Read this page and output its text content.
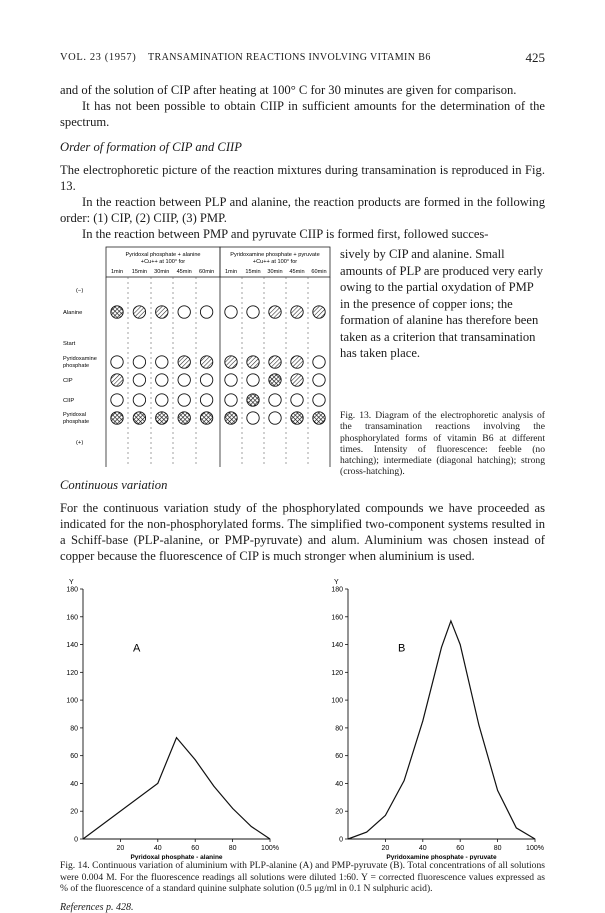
VOL. 23 (1957) TRANSAMINATION REACTIONS INVOLVING VITAMIN B6	425

and of the solution of CIP after heating at 100° C for 30 minutes are given for comparison.

It has not been possible to obtain CIIP in sufficient amounts for the determination of the spectrum.

Order of formation of CIP and CIIP

The electrophoretic picture of the reaction mixtures during transamination is reproduced in Fig. 13.

In the reaction between PLP and alanine, the reaction products are formed in the following order: (1) CIP, (2) CIIP, (3) PMP.

In the reaction between PMP and pyruvate CIIP is formed first, followed succes-

Pyridoxal phosphate + alanine
+Cu++ at 100° for
Pyridoxamine phosphate + pyruvate
+Cu++ at 100° for
1min 15min 30min 45min 60min 1min 15min 30min 45min 60min
(−)
Alanine
Start
Pyridoxamine
phosphate
CIP
CIIP
Pyridoxal
phosphate
(+)

sively by CIP and alanine. Small amounts of PLP are produced very early owing to the partial oxydation of PMP in the presence of copper ions; the formation of alanine has therefore been taken as a criterion that transamination has taken place.

Fig. 13. Diagram of the electrophoretic analysis of the transamination reactions involving the phosphorylated forms of vitamin B6 at different times. Intensity of fluorescence: feeble (no hatching); intermediate (diagonal hatching); strong (cross-hatching).

Continuous variation

For the continuous variation study of the phosphorylated compounds we have proceeded as indicated for the non-phosphorylated forms. The simplified two-component systems resulted in a Schiff-base (PLP-alanine, or PMP-pyruvate) and alum. Aluminium was chosen instead of copper because the fluorescence of CIP is much stronger when aluminium is used.

Y
0
20
40
60
80
100
120
140
160
180
20	40	60	80	100%
Pyridoxal phosphate - alanine
A
Y
0
20
40
60
80
100
120
140
160
180
20	40	60	80	100%
Pyridoxamine phosphate - pyruvate
B

Fig. 14. Continuous variation of aluminium with PLP-alanine (A) and PMP-pyruvate (B). Total concentrations of all solutions were 0.004 M. For the fluorescence readings all solutions were diluted 1:60. Y = corrected fluorescence values expressed as % of the fluorescence of a standard quinine sulphate solution (0.5 μg/ml in 0.1 N sulphuric acid).

References p. 428.
